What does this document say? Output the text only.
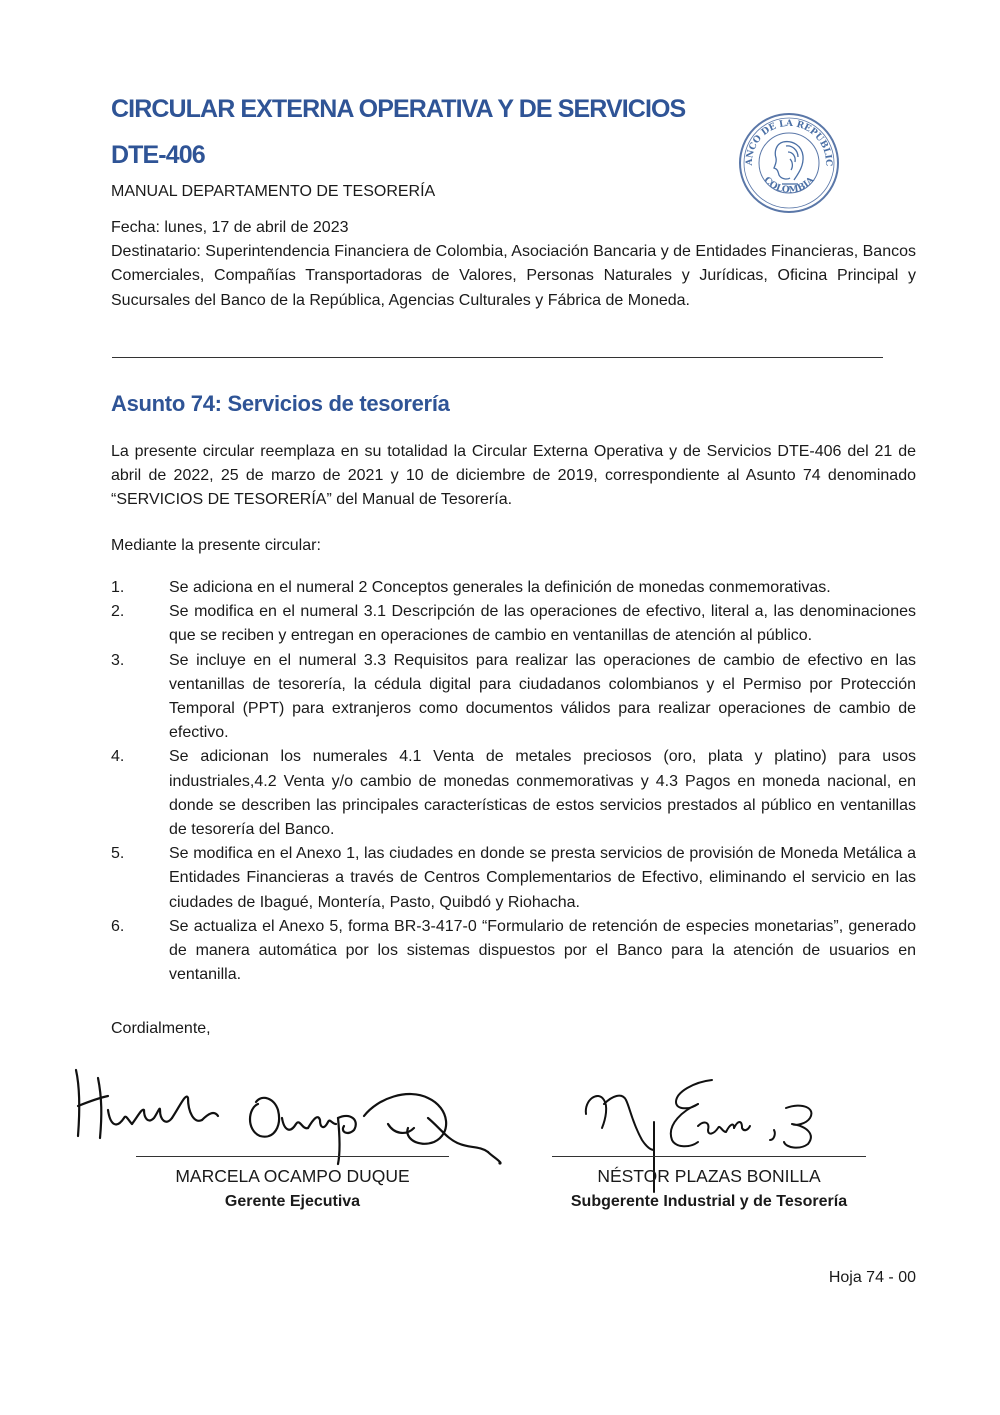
CIRCULAR EXTERNA OPERATIVA Y DE SERVICIOS
DTE-406
MANUAL DEPARTAMENTO DE TESORERÍA
ANCO DE LA REPUBLIC
COLOMBIA
Fecha: lunes, 17 de abril de 2023
Destinatario: Superintendencia Financiera de Colombia, Asociación Bancaria y de Entidades Financieras, Bancos Comerciales, Compañías Transportadoras de Valores, Personas Naturales y Jurídicas, Oficina Principal y Sucursales del Banco de la República, Agencias Culturales y Fábrica de Moneda.
Asunto 74: Servicios de tesorería

La presente circular reemplaza en su totalidad la Circular Externa Operativa y de Servicios DTE-406 del 21 de abril de 2022, 25 de marzo de 2021 y 10 de diciembre de 2019, correspondiente al Asunto 74 denominado “SERVICIOS DE TESORERÍA” del Manual de Tesorería.

Mediante la presente circular:

1.	Se adiciona en el numeral 2 Conceptos generales la definición de monedas conmemorativas.
2.	Se modifica en el numeral 3.1 Descripción de las operaciones de efectivo, literal a, las denominaciones que se reciben y entregan en operaciones de cambio en ventanillas de atención al público.
3.	Se incluye en el numeral 3.3 Requisitos para realizar las operaciones de cambio de efectivo en las ventanillas de tesorería, la cédula digital para ciudadanos colombianos y el Permiso por Protección Temporal (PPT) para extranjeros como documentos válidos para realizar operaciones de cambio de efectivo.
4.	Se adicionan los numerales 4.1 Venta de metales preciosos (oro, plata y platino) para usos industriales,4.2 Venta y/o cambio de monedas conmemorativas y 4.3 Pagos en moneda nacional, en donde se describen las principales características de estos servicios prestados al público en ventanillas de tesorería del Banco.
5.	Se modifica en el Anexo 1, las ciudades en donde se presta servicios de provisión de Moneda Metálica a Entidades Financieras a través de Centros Complementarios de Efectivo, eliminando el servicio en las ciudades de Ibagué, Montería, Pasto, Quibdó y Riohacha.
6.	Se actualiza el Anexo 5, forma BR-3-417-0 “Formulario de retención de especies monetarias”, generado de manera automática por los sistemas dispuestos por el Banco para la atención de usuarios en ventanilla.

Cordialmente,

MARCELA OCAMPO DUQUE
Gerente Ejecutiva
NÉSTOR PLAZAS BONILLA
Subgerente Industrial y de Tesorería
Hoja 74 - 00
